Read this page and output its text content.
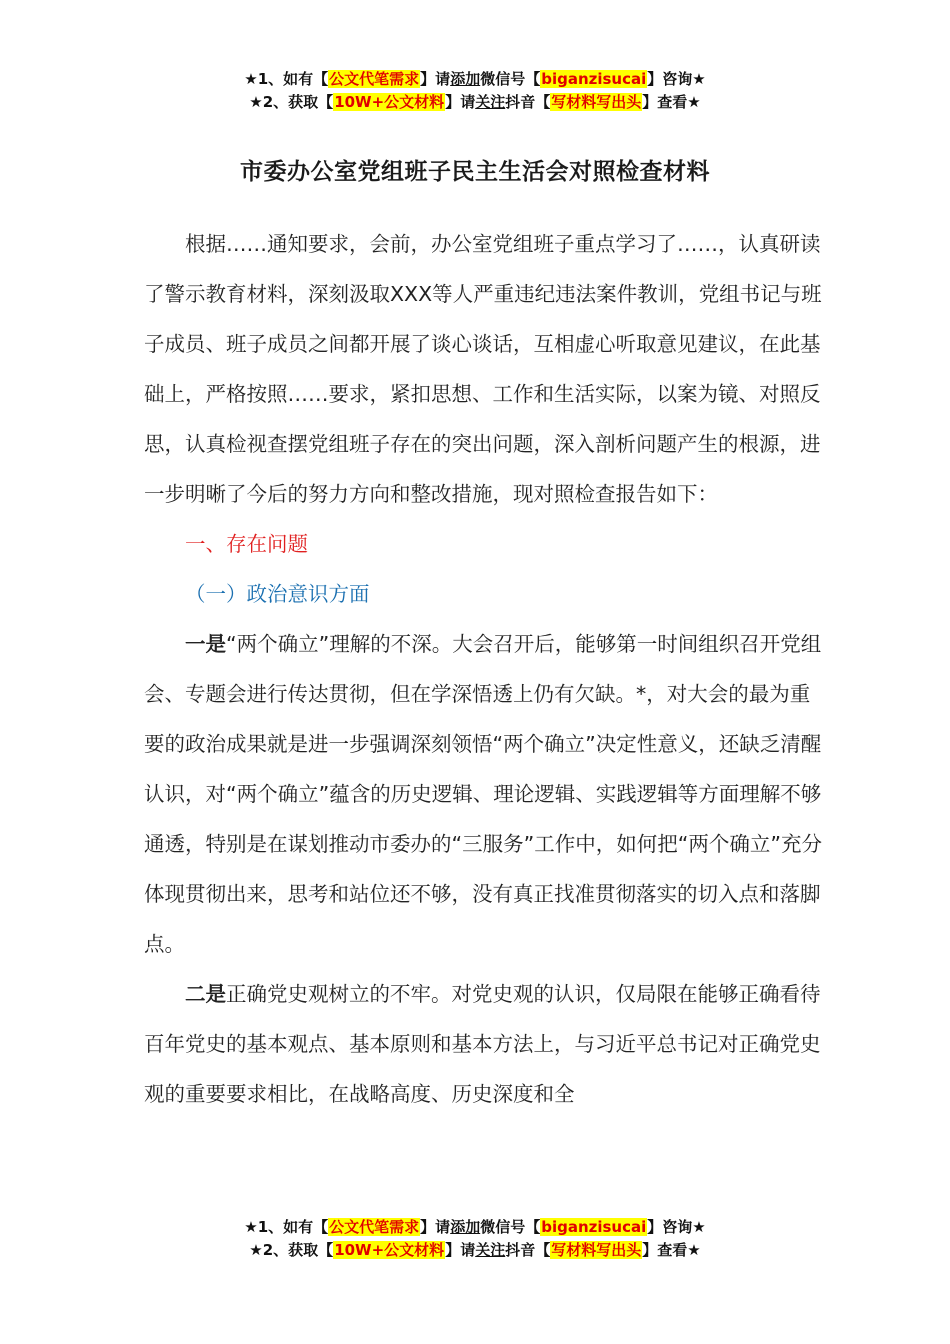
★1、如有【公文代笔需求】请添加微信号【biganzisucai】咨询★
★2、获取【10W+公文材料】请关注抖音【写材料写出头】查看★
市委办公室党组班子民主生活会对照检查材料

根据……通知要求，会前，办公室党组班子重点学习了……，认真研读了警示教育材料，深刻汲取XXX等人严重违纪违法案件教训，党组书记与班子成员、班子成员之间都开展了谈心谈话，互相虚心听取意见建议，在此基础上，严格按照……要求，紧扣思想、工作和生活实际，以案为镜、对照反思，认真检视查摆党组班子存在的突出问题，深入剖析问题产生的根源，进一步明晰了今后的努力方向和整改措施，现对照检查报告如下：

一、存在问题

（一）政治意识方面

一是“两个确立”理解的不深。大会召开后，能够第一时间组织召开党组会、专题会进行传达贯彻，但在学深悟透上仍有欠缺。*，对大会的最为重要的政治成果就是进一步强调深刻领悟“两个确立”决定性意义，还缺乏清醒认识，对“两个确立”蕴含的历史逻辑、理论逻辑、实践逻辑等方面理解不够通透，特别是在谋划推动市委办的“三服务”工作中，如何把“两个确立”充分体现贯彻出来，思考和站位还不够，没有真正找准贯彻落实的切入点和落脚点。

二是正确党史观树立的不牢。对党史观的认识，仅局限在能够正确看待百年党史的基本观点、基本原则和基本方法上，与习近平总书记对正确党史观的重要要求相比，在战略高度、历史深度和全

★1、如有【公文代笔需求】请添加微信号【biganzisucai】咨询★
★2、获取【10W+公文材料】请关注抖音【写材料写出头】查看★
